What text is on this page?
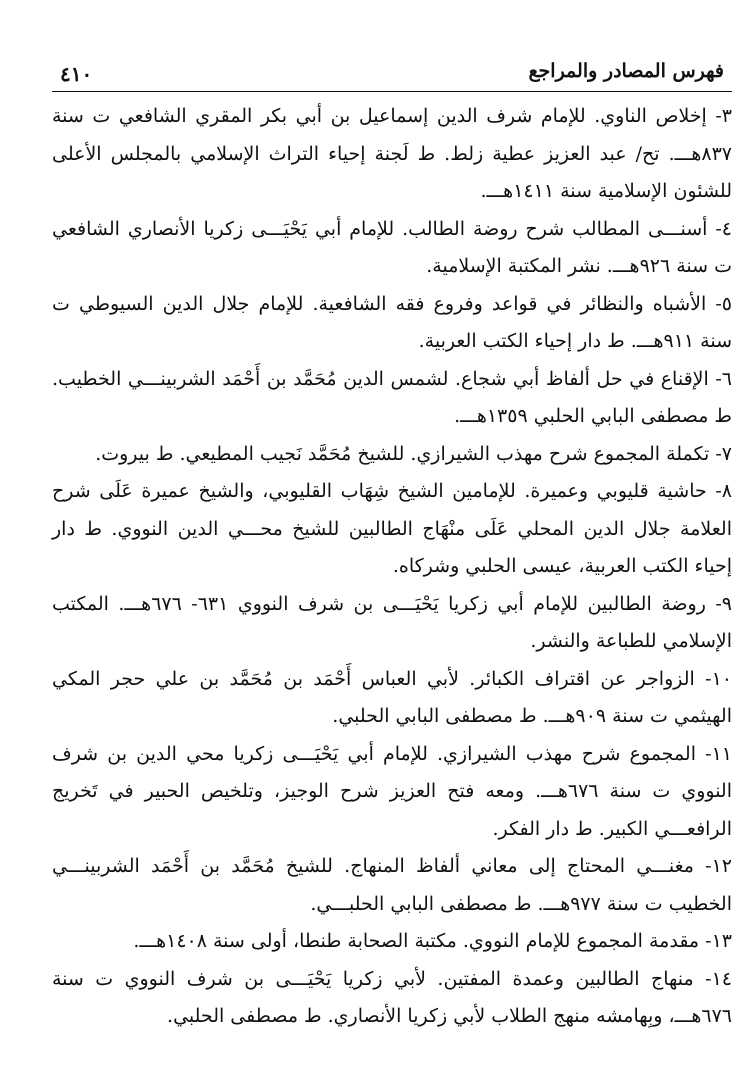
٤١٠	فهرس المصادر والمراجع

٣- إخلاص الناوي. للإمام شرف الدين إسماعيل بن أبي بكر المقري الشافعي ت سنة ٨٣٧هـــ. تح/ عبد العزيز عطية زلط. ط لَجنة إحياء التراث الإسلامي بالمجلس الأعلى للشئون الإسلامية سنة ١٤١١هـــ.

٤- أسنـــى المطالب شرح روضة الطالب. للإمام أبي يَحْيَـــى زكريا الأنصاري الشافعي ت سنة ٩٢٦هـــ. نشر المكتبة الإسلامية.

٥- الأشباه والنظائر في قواعد وفروع فقه الشافعية. للإمام جلال الدين السيوطي ت سنة ٩١١هـــ. ط دار إحياء الكتب العربية.

٦- الإقناع في حل ألفاظ أبي شجاع. لشمس الدين مُحَمَّد بن أَحْمَد الشربينـــي الخطيب. ط مصطفى البابي الحلبي ١٣٥٩هـــ.

٧- تكملة المجموع شرح مهذب الشيرازي. للشيخ مُحَمَّد نَجيب المطيعي. ط بيروت.

٨- حاشية قليوبي وعميرة. للإمامين الشيخ شِهَاب القليوبي، والشيخ عميرة عَلَى شرح العلامة جلال الدين المحلي عَلَى منْهَاج الطالبين للشيخ محـــي الدين النووي. ط دار إحياء الكتب العربية، عيسى الحلبي وشركاه.

٩- روضة الطالبين للإمام أبي زكريا يَحْيَـــى بن شرف النووي ٦٣١- ٦٧٦هـــ. المكتب الإسلامي للطباعة والنشر.

١٠- الزواجر عن اقتراف الكبائر. لأبي العباس أَحْمَد بن مُحَمَّد بن علي حجر المكي الهيثمي ت سنة ٩٠٩هـــ. ط مصطفى البابي الحلبي.

١١- المجموع شرح مهذب الشيرازي. للإمام أبي يَحْيَـــى زكريا محي الدين بن شرف النووي ت سنة ٦٧٦هـــ. ومعه فتح العزيز شرح الوجيز، وتلخيص الحبير في تَخريج الرافعـــي الكبير. ط دار الفكر.

١٢- مغنـــي المحتاج إلى معاني ألفاظ المنهاج. للشيخ مُحَمَّد بن أَحْمَد الشربينـــي الخطيب ت سنة ٩٧٧هـــ. ط مصطفى البابي الحلبـــي.

١٣- مقدمة المجموع للإمام النووي. مكتبة الصحابة طنطا، أولى سنة ١٤٠٨هـــ.

١٤- منهاج الطالبين وعمدة المفتين. لأبي زكريا يَحْيَـــى بن شرف النووي ت سنة ٦٧٦هـــ، وبِهامشه منهج الطلاب لأبي زكريا الأنصاري. ط مصطفى الحلبي.
